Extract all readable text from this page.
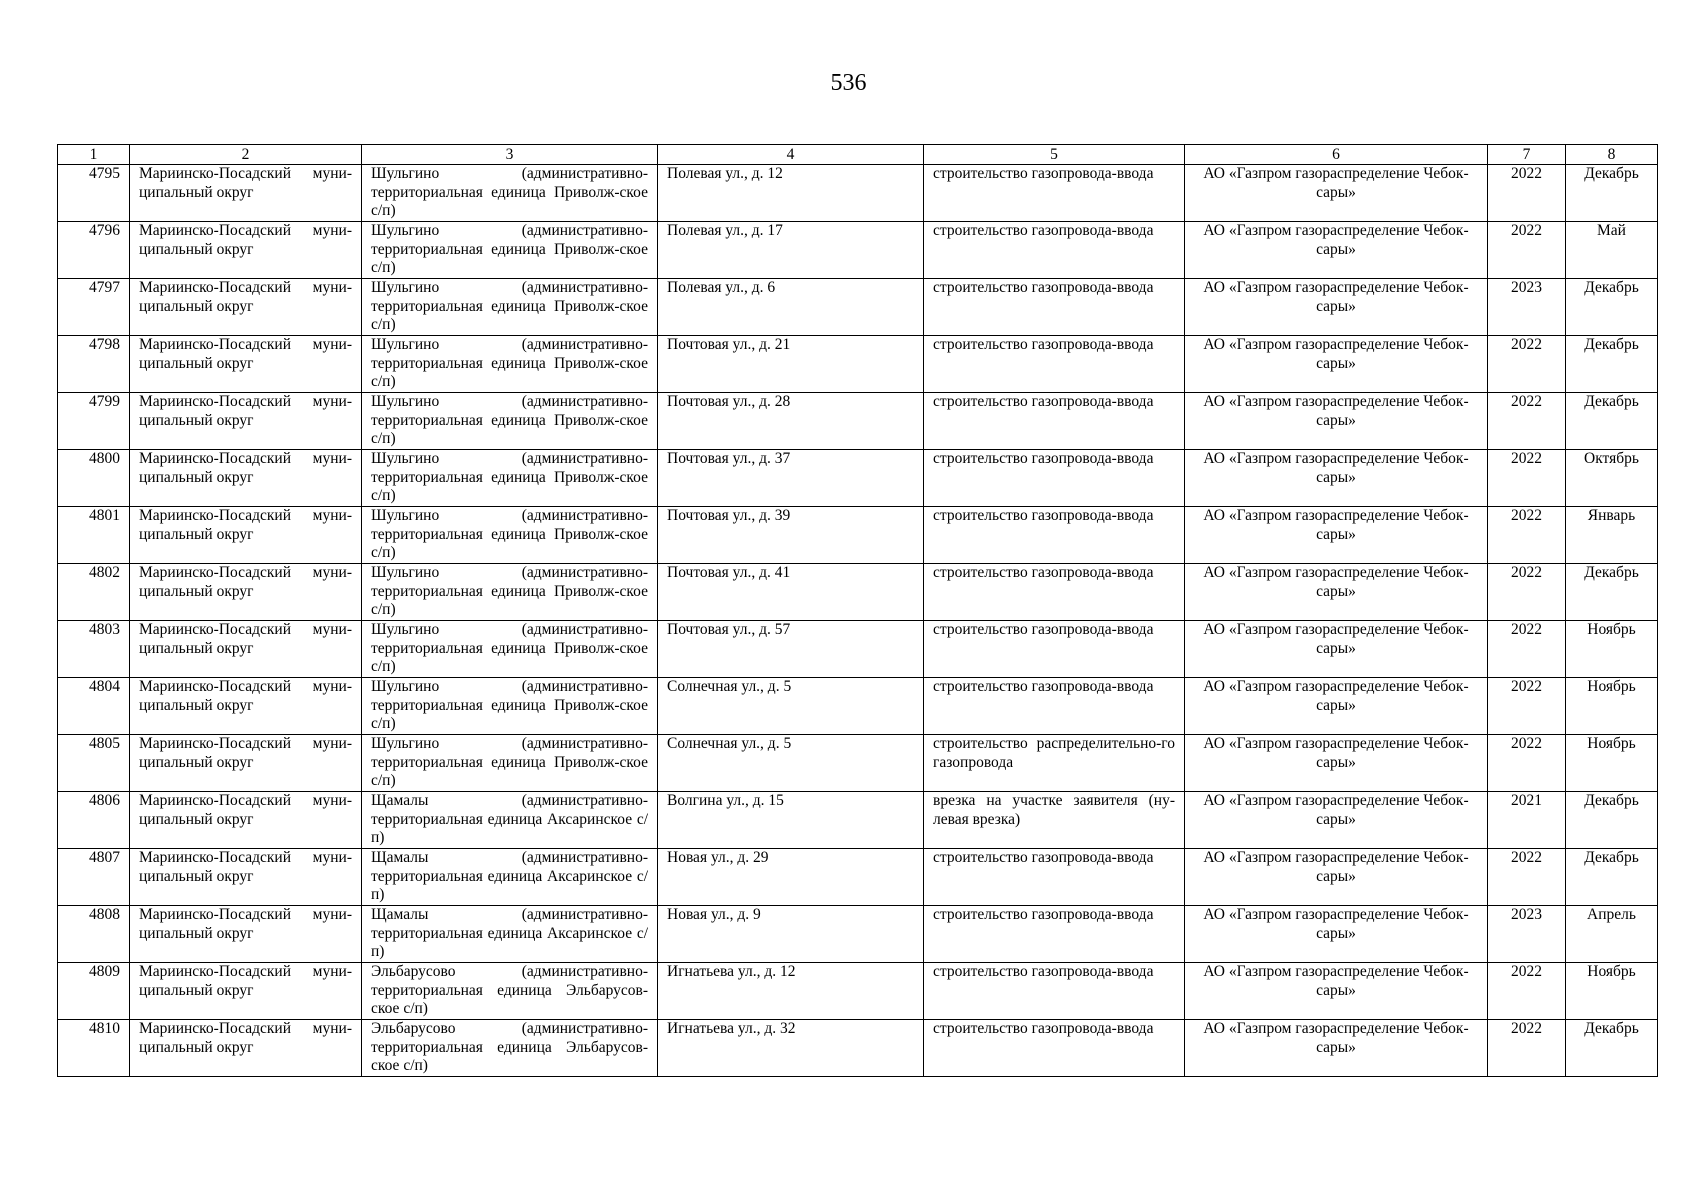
536
1	2	3	4	5	6	7	8
4795	Мариинско-Посадский муни-ципальный округ	Шульгино (административно-территориальная единица Приволж-ское с/п)	Полевая ул., д. 12	строительство газопровода-ввода	АО «Газпром газораспределение Чебок-сары»	2022	Декабрь
4796	Мариинско-Посадский муни-ципальный округ	Шульгино (административно-территориальная единица Приволж-ское с/п)	Полевая ул., д. 17	строительство газопровода-ввода	АО «Газпром газораспределение Чебок-сары»	2022	Май
4797	Мариинско-Посадский муни-ципальный округ	Шульгино (административно-территориальная единица Приволж-ское с/п)	Полевая ул., д. 6	строительство газопровода-ввода	АО «Газпром газораспределение Чебок-сары»	2023	Декабрь
4798	Мариинско-Посадский муни-ципальный округ	Шульгино (административно-территориальная единица Приволж-ское с/п)	Почтовая ул., д. 21	строительство газопровода-ввода	АО «Газпром газораспределение Чебок-сары»	2022	Декабрь
4799	Мариинско-Посадский муни-ципальный округ	Шульгино (административно-территориальная единица Приволж-ское с/п)	Почтовая ул., д. 28	строительство газопровода-ввода	АО «Газпром газораспределение Чебок-сары»	2022	Декабрь
4800	Мариинско-Посадский муни-ципальный округ	Шульгино (административно-территориальная единица Приволж-ское с/п)	Почтовая ул., д. 37	строительство газопровода-ввода	АО «Газпром газораспределение Чебок-сары»	2022	Октябрь
4801	Мариинско-Посадский муни-ципальный округ	Шульгино (административно-территориальная единица Приволж-ское с/п)	Почтовая ул., д. 39	строительство газопровода-ввода	АО «Газпром газораспределение Чебок-сары»	2022	Январь
4802	Мариинско-Посадский муни-ципальный округ	Шульгино (административно-территориальная единица Приволж-ское с/п)	Почтовая ул., д. 41	строительство газопровода-ввода	АО «Газпром газораспределение Чебок-сары»	2022	Декабрь
4803	Мариинско-Посадский муни-ципальный округ	Шульгино (административно-территориальная единица Приволж-ское с/п)	Почтовая ул., д. 57	строительство газопровода-ввода	АО «Газпром газораспределение Чебок-сары»	2022	Ноябрь
4804	Мариинско-Посадский муни-ципальный округ	Шульгино (административно-территориальная единица Приволж-ское с/п)	Солнечная ул., д. 5	строительство газопровода-ввода	АО «Газпром газораспределение Чебок-сары»	2022	Ноябрь
4805	Мариинско-Посадский муни-ципальный округ	Шульгино (административно-территориальная единица Приволж-ское с/п)	Солнечная ул., д. 5	строительство распределительно-го газопровода	АО «Газпром газораспределение Чебок-сары»	2022	Ноябрь
4806	Мариинско-Посадский муни-ципальный округ	Щамалы (административно-территориальная единица Аксаринское с/п)	Волгина ул., д. 15	врезка на участке заявителя (ну-левая врезка)	АО «Газпром газораспределение Чебок-сары»	2021	Декабрь
4807	Мариинско-Посадский муни-ципальный округ	Щамалы (административно-территориальная единица Аксаринское с/п)	Новая ул., д. 29	строительство газопровода-ввода	АО «Газпром газораспределение Чебок-сары»	2022	Декабрь
4808	Мариинско-Посадский муни-ципальный округ	Щамалы (административно-территориальная единица Аксаринское с/п)	Новая ул., д. 9	строительство газопровода-ввода	АО «Газпром газораспределение Чебок-сары»	2023	Апрель
4809	Мариинско-Посадский муни-ципальный округ	Эльбарусово (административно-территориальная единица Эльбарусов-ское с/п)	Игнатьева ул., д. 12	строительство газопровода-ввода	АО «Газпром газораспределение Чебок-сары»	2022	Ноябрь
4810	Мариинско-Посадский муни-ципальный округ	Эльбарусово (административно-территориальная единица Эльбарусов-ское с/п)	Игнатьева ул., д. 32	строительство газопровода-ввода	АО «Газпром газораспределение Чебок-сары»	2022	Декабрь
